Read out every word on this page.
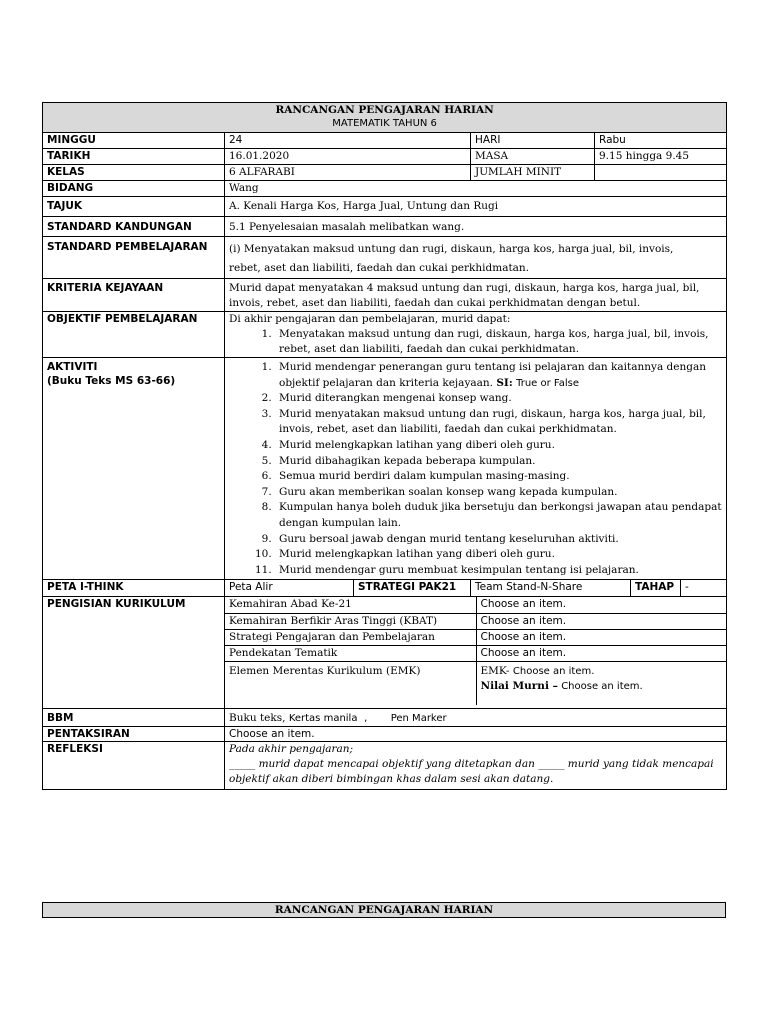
RANCANGAN PENGAJARAN HARIAN
MATEMATIK TAHUN 6

MINGGU	24	HARI	Rabu
TARIKH	16.01.2020	MASA	9.15 hingga 9.45
KELAS	6 ALFARABI	JUMLAH MINIT	
BIDANG	Wang
TAJUK	A. Kenali Harga Kos, Harga Jual, Untung dan Rugi
STANDARD KANDUNGAN	5.1 Penyelesaian masalah melibatkan wang.
STANDARD PEMBELAJARAN	(i) Menyatakan maksud untung dan rugi, diskaun, harga kos, harga jual, bil, invois,
rebet, aset dan liabiliti, faedah dan cukai perkhidmatan.

KRITERIA KEJAYAAN	Murid dapat menyatakan 4 maksud untung dan rugi, diskaun, harga kos, harga jual, bil, invois, rebet, aset dan liabiliti, faedah dan cukai perkhidmatan dengan betul.
OBJEKTIF PEMBELAJARAN	Di akhir pengajaran dan pembelajaran, murid dapat:
1. Menyatakan maksud untung dan rugi, diskaun, harga kos, harga jual, bil, invois, rebet, aset dan liabiliti, faedah dan cukai perkhidmatan.

AKTIVITI
(Buku Teks MS 63-66)

1. Murid mendengar penerangan guru tentang isi pelajaran dan kaitannya dengan objektif pelajaran dan kriteria kejayaan. SI: True or False
2. Murid diterangkan mengenai konsep wang.
3. Murid menyatakan maksud untung dan rugi, diskaun, harga kos, harga jual, bil, invois, rebet, aset dan liabiliti, faedah dan cukai perkhidmatan.
4. Murid melengkapkan latihan yang diberi oleh guru.
5. Murid dibahagikan kepada beberapa kumpulan.
6. Semua murid berdiri dalam kumpulan masing-masing.
7. Guru akan memberikan soalan konsep wang kepada kumpulan.
8. Kumpulan hanya boleh duduk jika bersetuju dan berkongsi jawapan atau pendapat dengan kumpulan lain.
9. Guru bersoal jawab dengan murid tentang keseluruhan aktiviti.
10. Murid melengkapkan latihan yang diberi oleh guru.
11. Murid mendengar guru membuat kesimpulan tentang isi pelajaran.

PETA I-THINK	Peta Alir	STRATEGI PAK21	Team Stand-N-Share	TAHAP	-
PENGISIAN KURIKULUM		Kemahiran Abad Ke-21	Choose an item.
Kemahiran Berfikir Aras Tinggi (KBAT)	Choose an item.
Strategi Pengajaran dan Pembelajaran	Choose an item.
Pendekatan Tematik	Choose an item.
Elemen Merentas Kurikulum (EMK)	EMK- Choose an item.
Nilai Murni – Choose an item.

BBM	Buku teks, Kertas manila , Pen Marker
PENTAKSIRAN	Choose an item.
REFLEKSI	Pada akhir pengajaran;
_____ murid dapat mencapai objektif yang ditetapkan dan _____ murid yang tidak mencapai objektif akan diberi bimbingan khas dalam sesi akan datang.
RANCANGAN PENGAJARAN HARIAN
